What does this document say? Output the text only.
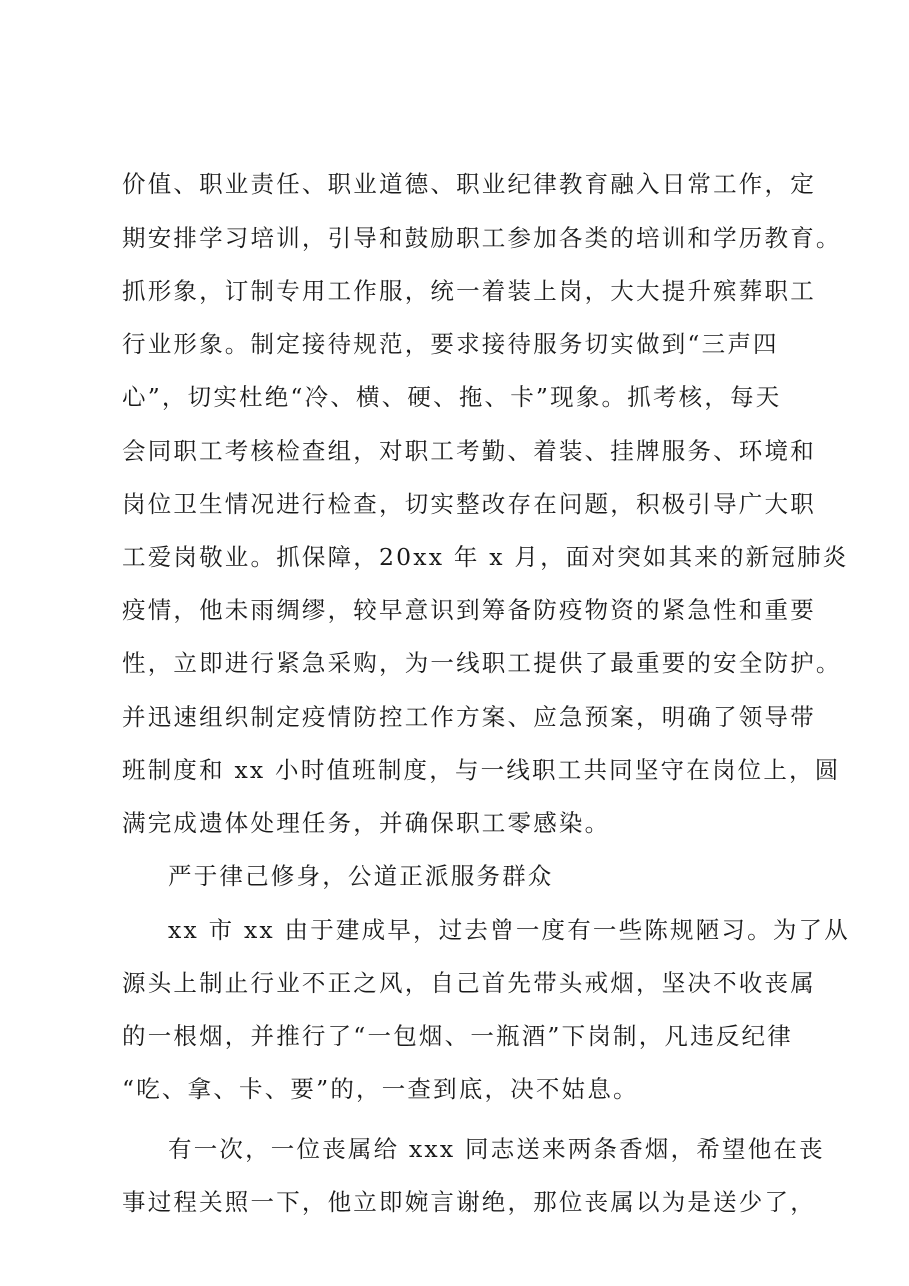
价值、职业责任、职业道德、职业纪律教育融入日常工作，定
期安排学习培训，引导和鼓励职工参加各类的培训和学历教育。
抓形象，订制专用工作服，统一着装上岗，大大提升殡葬职工
行业形象。制定接待规范，要求接待服务切实做到“三声四
心”，切实杜绝“冷、横、硬、拖、卡”现象。抓考核，每天
会同职工考核检查组，对职工考勤、着装、挂牌服务、环境和
岗位卫生情况进行检查，切实整改存在问题，积极引导广大职
工爱岗敬业。抓保障，20xx 年 x 月，面对突如其来的新冠肺炎
疫情，他未雨绸缪，较早意识到筹备防疫物资的紧急性和重要
性，立即进行紧急采购，为一线职工提供了最重要的安全防护。
并迅速组织制定疫情防控工作方案、应急预案，明确了领导带
班制度和 xx 小时值班制度，与一线职工共同坚守在岗位上，圆
满完成遗体处理任务，并确保职工零感染。
严于律己修身，公道正派服务群众
xx 市 xx 由于建成早，过去曾一度有一些陈规陋习。为了从
源头上制止行业不正之风，自己首先带头戒烟，坚决不收丧属
的一根烟，并推行了“一包烟、一瓶酒”下岗制，凡违反纪律
“吃、拿、卡、要”的，一查到底，决不姑息。
有一次，一位丧属给 xxx 同志送来两条香烟，希望他在丧
事过程关照一下，他立即婉言谢绝，那位丧属以为是送少了，
